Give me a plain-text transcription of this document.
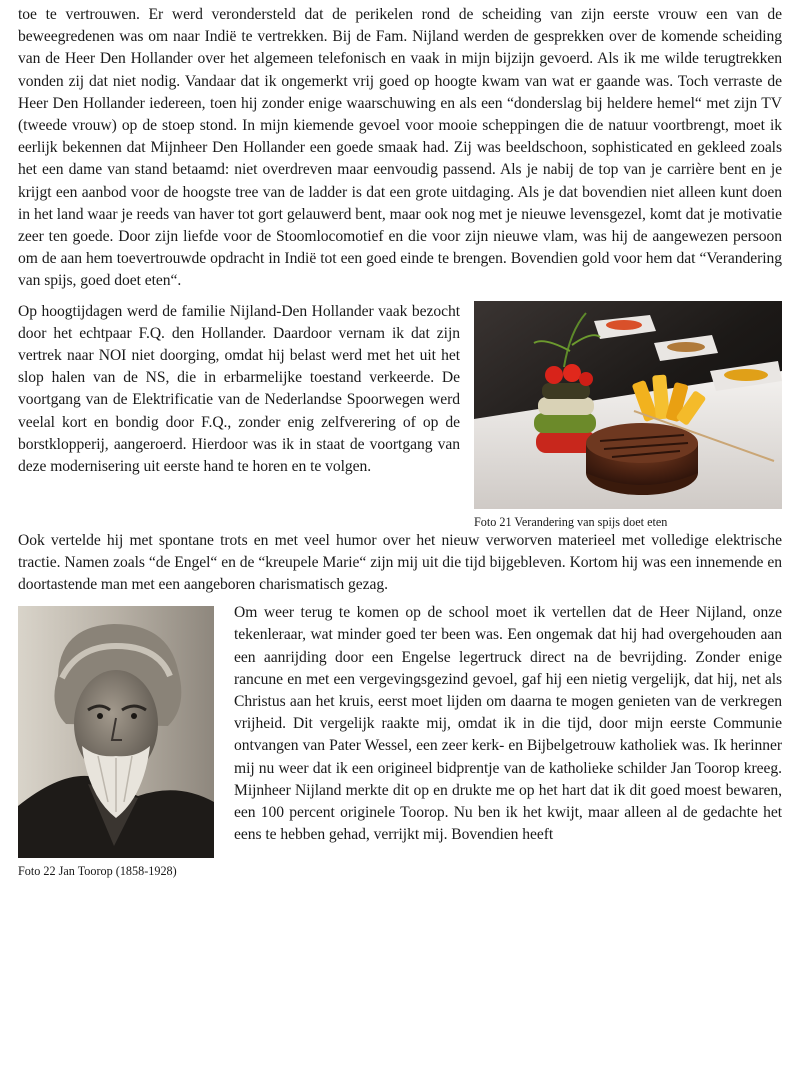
toe te vertrouwen. Er werd verondersteld dat de perikelen rond de scheiding van zijn eerste vrouw een van de beweegredenen was om naar Indië te vertrekken. Bij de Fam. Nijland werden de gesprekken over de komende scheiding van de Heer Den Hollander over het algemeen telefonisch en vaak in mijn bijzijn gevoerd. Als ik me wilde terugtrekken vonden zij dat niet nodig. Vandaar dat ik ongemerkt vrij goed op hoogte kwam van wat er gaande was. Toch verraste de Heer Den Hollander iedereen, toen hij zonder enige waarschuwing en als een “donderslag bij heldere hemel“ met zijn TV (tweede vrouw) op de stoep stond. In mijn kiemende gevoel voor mooie scheppingen die de natuur voortbrengt, moet ik eerlijk bekennen dat Mijnheer Den Hollander een goede smaak had. Zij was beeldschoon, sophisticated en gekleed zoals het een dame van stand betaamd: niet overdreven maar eenvoudig passend. Als je nabij de top van je carrière bent en je krijgt een aanbod voor de hoogste tree van de ladder is dat een grote uitdaging. Als je dat bovendien niet alleen kunt doen in het land waar je reeds van haver tot gort gelauwerd bent, maar ook nog met je nieuwe levensgezel, komt dat je motivatie zeer ten goede. Door zijn liefde voor de Stoomlocomotief en die voor zijn nieuwe vlam, was hij de aangewezen persoon om de aan hem toevertrouwde opdracht in Indië tot een goed einde te brengen. Bovendien gold voor hem dat “Verandering van spijs, goed doet eten“.

Op hoogtijdagen werd de familie Nijland-Den Hollander vaak bezocht door het echtpaar F.Q. den Hollander. Daardoor vernam ik dat zijn vertrek naar NOI niet doorging, omdat hij belast werd met het uit het slop halen van de NS, die in erbarmelijke toestand verkeerde. De voortgang van de Elektrificatie van de Nederlandse Spoorwegen werd veelal kort en bondig door F.Q., zonder enig zelfverering of op de borstklopperij, aangeroerd. Hierdoor was ik in staat de voortgang van deze modernisering uit eerste hand te horen en te volgen.

Foto 21 Verandering van spijs doet eten

Ook vertelde hij met spontane trots en met veel humor over het nieuw verworven materieel met volledige elektrische tractie. Namen zoals “de Engel“ en de “kreupele Marie“ zijn mij uit die tijd bijgebleven. Kortom hij was een innemende en doortastende man met een aangeboren charismatisch gezag.

Foto 22 Jan Toorop (1858-1928)

Om weer terug te komen op de school moet ik vertellen dat de Heer Nijland, onze tekenleraar, wat minder goed ter been was. Een ongemak dat hij had overgehouden aan een aanrijding door een Engelse legertruck direct na de bevrijding. Zonder enige rancune en met een vergevingsgezind gevoel, gaf hij een nietig vergelijk, dat hij, net als Christus aan het kruis, eerst moet lijden om daarna te mogen genieten van de verkregen vrijheid. Dit vergelijk raakte mij, omdat ik in die tijd, door mijn eerste Communie ontvangen van Pater Wessel, een zeer kerk- en Bijbelgetrouw katholiek was. Ik herinner mij nu weer dat ik een origineel bidprentje van de katholieke schilder Jan Toorop kreeg. Mijnheer Nijland merkte dit op en drukte me op het hart dat ik dit goed moest bewaren, een 100 percent originele Toorop. Nu ben ik het kwijt, maar alleen al de gedachte het eens te hebben gehad, verrijkt mij. Bovendien heeft
